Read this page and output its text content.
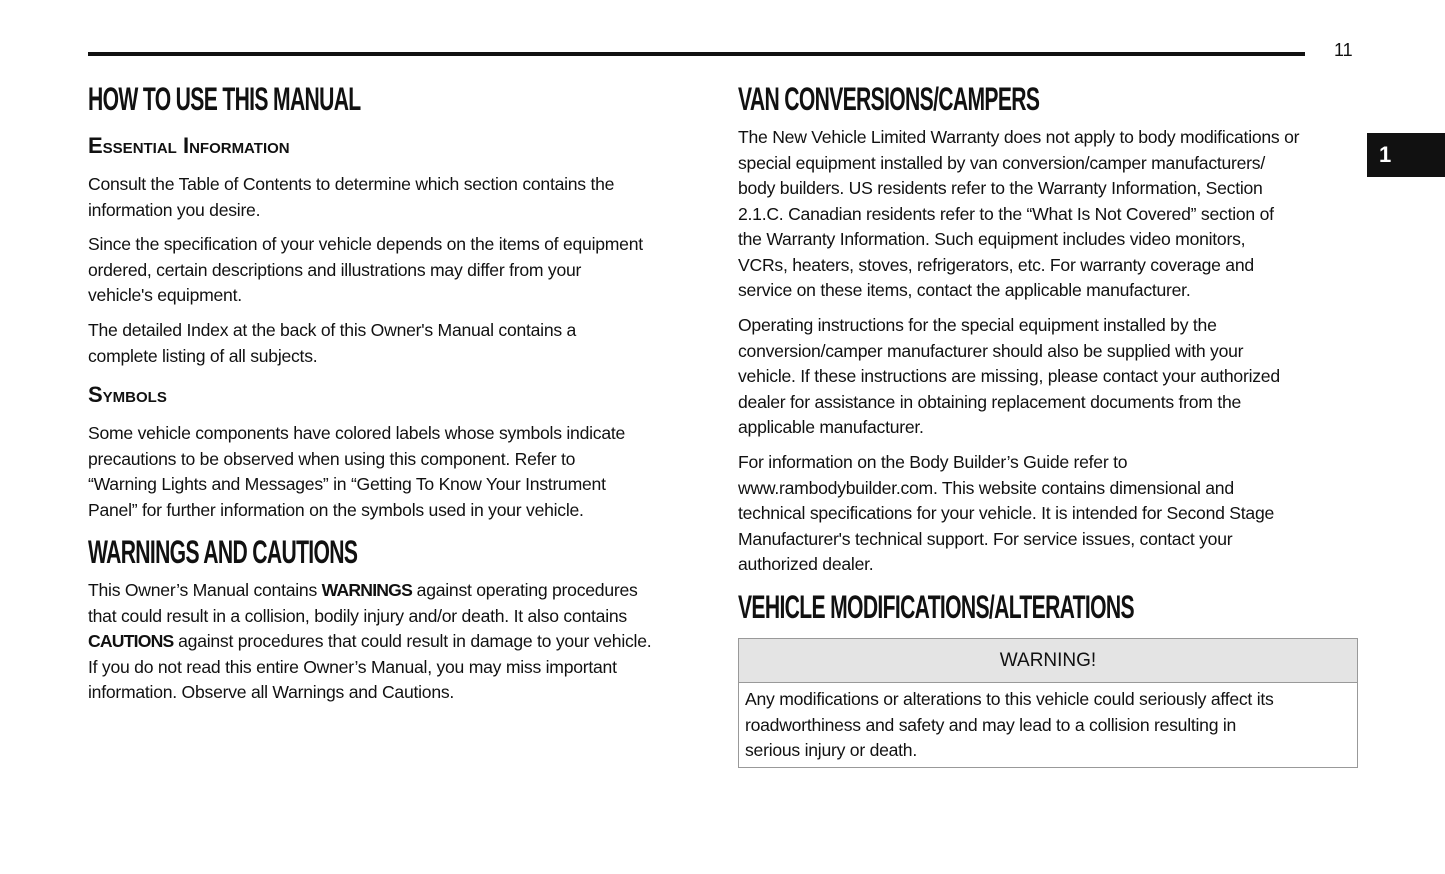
11
1
HOW TO USE THIS MANUAL
Essential Information
Consult the Table of Contents to determine which section contains the
information you desire.
Since the specification of your vehicle depends on the items of equipment
ordered, certain descriptions and illustrations may differ from your
vehicle's equipment.
The detailed Index at the back of this Owner's Manual contains a
complete listing of all subjects.
Symbols
Some vehicle components have colored labels whose symbols indicate
precautions to be observed when using this component. Refer to
“Warning Lights and Messages” in “Getting To Know Your Instrument
Panel” for further information on the symbols used in your vehicle.
WARNINGS AND CAUTIONS
This Owner’s Manual contains WARNINGS against operating procedures
that could result in a collision, bodily injury and/or death. It also contains
CAUTIONS against procedures that could result in damage to your vehicle.
If you do not read this entire Owner’s Manual, you may miss important
information. Observe all Warnings and Cautions.
VAN CONVERSIONS/CAMPERS
The New Vehicle Limited Warranty does not apply to body modifications or
special equipment installed by van conversion/camper manufacturers/
body builders. US residents refer to the Warranty Information, Section
2.1.C. Canadian residents refer to the “What Is Not Covered” section of
the Warranty Information. Such equipment includes video monitors,
VCRs, heaters, stoves, refrigerators, etc. For warranty coverage and
service on these items, contact the applicable manufacturer.
Operating instructions for the special equipment installed by the
conversion/camper manufacturer should also be supplied with your
vehicle. If these instructions are missing, please contact your authorized
dealer for assistance in obtaining replacement documents from the
applicable manufacturer.
For information on the Body Builder’s Guide refer to
www.rambodybuilder.com. This website contains dimensional and
technical specifications for your vehicle. It is intended for Second Stage
Manufacturer's technical support. For service issues, contact your
authorized dealer.
VEHICLE MODIFICATIONS/ALTERATIONS
WARNING!
Any modifications or alterations to this vehicle could seriously affect its
roadworthiness and safety and may lead to a collision resulting in
serious injury or death.
